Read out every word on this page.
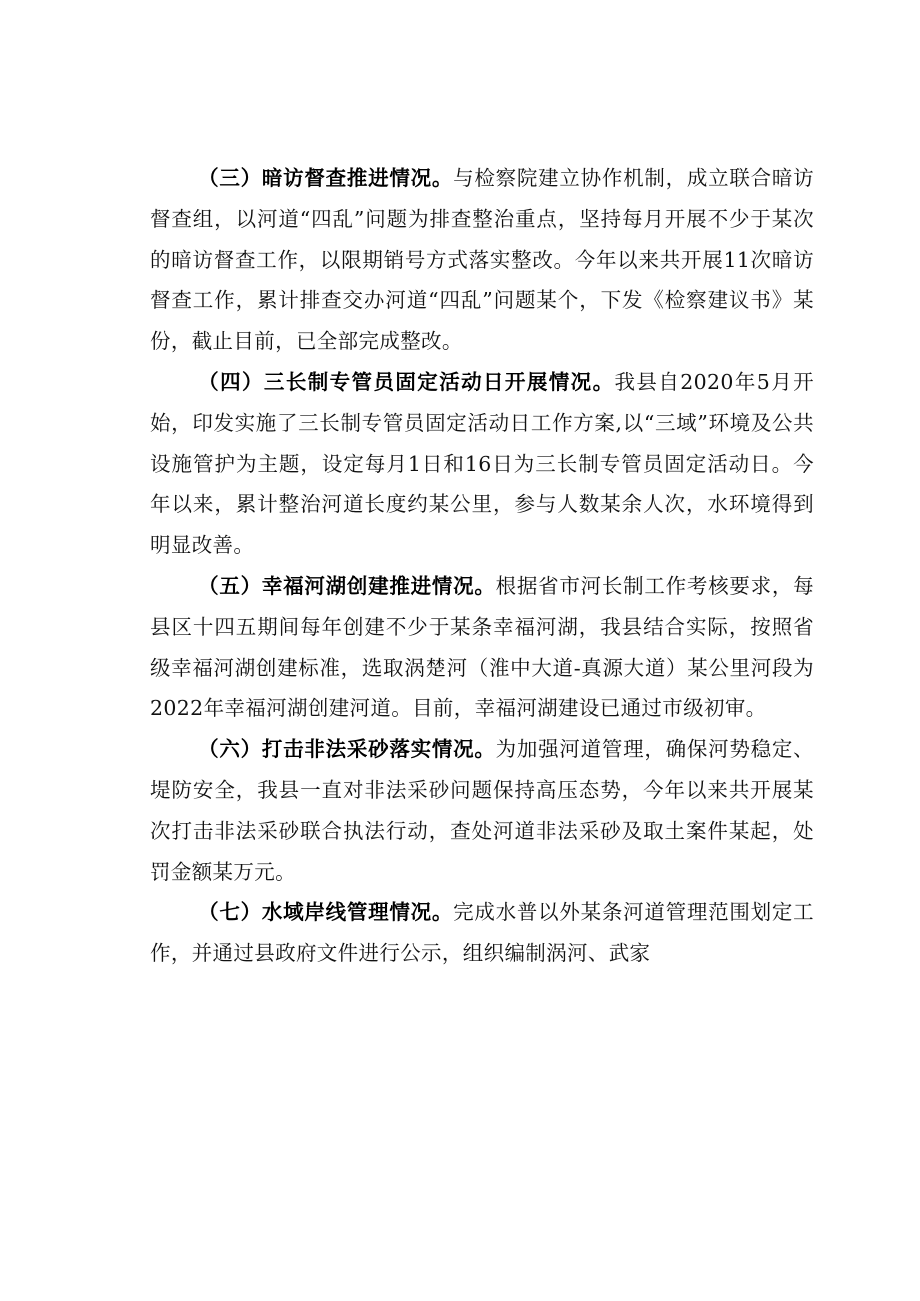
（三）暗访督查推进情况。与检察院建立协作机制，成立联合暗访督查组，以河道“四乱”问题为排查整治重点，坚持每月开展不少于某次的暗访督查工作，以限期销号方式落实整改。今年以来共开展11次暗访督查工作，累计排查交办河道“四乱”问题某个，下发《检察建议书》某份，截止目前，已全部完成整改。

（四）三长制专管员固定活动日开展情况。我县自2020年5月开始，印发实施了三长制专管员固定活动日工作方案,以“三域”环境及公共设施管护为主题，设定每月1日和16日为三长制专管员固定活动日。今年以来，累计整治河道长度约某公里，参与人数某余人次，水环境得到明显改善。

（五）幸福河湖创建推进情况。根据省市河长制工作考核要求，每县区十四五期间每年创建不少于某条幸福河湖，我县结合实际，按照省级幸福河湖创建标准，选取涡楚河（淮中大道-真源大道）某公里河段为2022年幸福河湖创建河道。目前，幸福河湖建设已通过市级初审。

（六）打击非法采砂落实情况。为加强河道管理，确保河势稳定、堤防安全，我县一直对非法采砂问题保持高压态势，今年以来共开展某次打击非法采砂联合执法行动，查处河道非法采砂及取土案件某起，处罚金额某万元。

（七）水域岸线管理情况。完成水普以外某条河道管理范围划定工作，并通过县政府文件进行公示，组织编制涡河、武家
